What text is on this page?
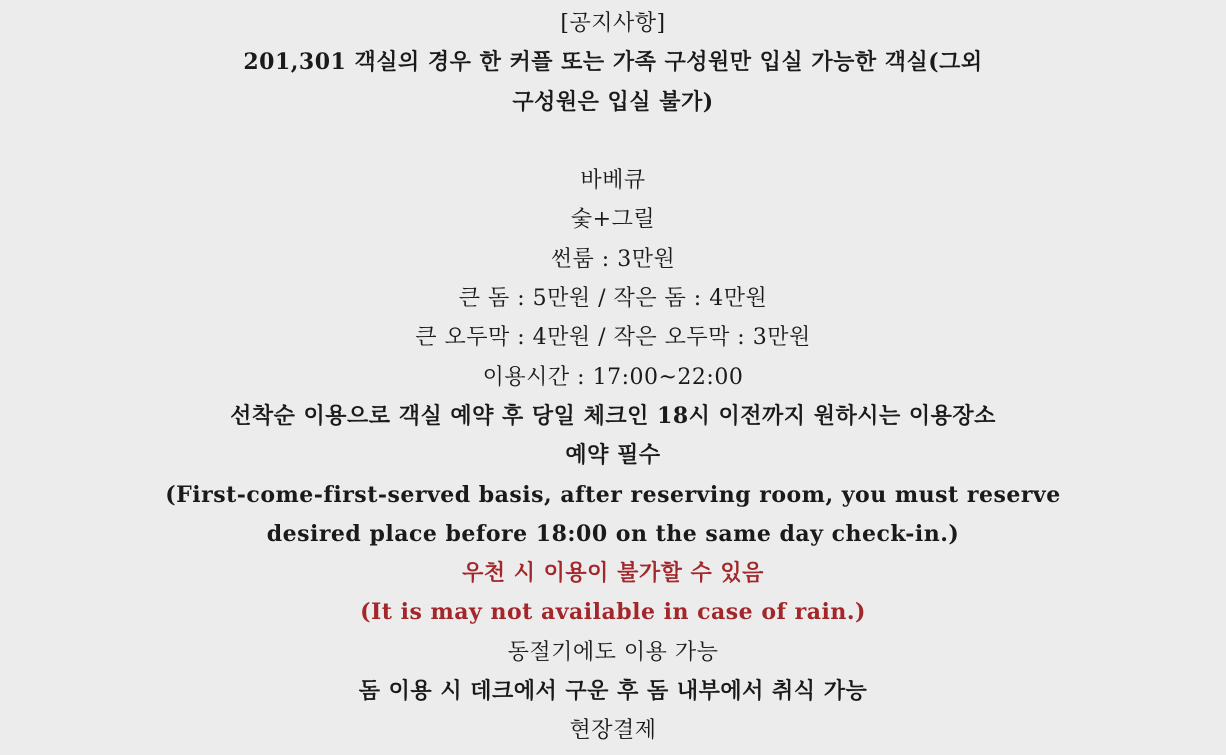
[공지사항]
201,301 객실의 경우 한 커플 또는 가족 구성원만 입실 가능한 객실(그외
구성원은 입실 불가)
바베큐
숯+그릴
썬룸 : 3만원
큰 돔 : 5만원 / 작은 돔 : 4만원
큰 오두막 : 4만원 / 작은 오두막 : 3만원
이용시간 : 17:00~22:00
선착순 이용으로 객실 예약 후 당일 체크인 18시 이전까지 원하시는 이용장소
예약 필수
(First-come-first-served basis, after reserving room, you must reserve
desired place before 18:00 on the same day check-in.)
우천 시 이용이 불가할 수 있음
(It is may not available in case of rain.)
동절기에도 이용 가능
돔 이용 시 데크에서 구운 후 돔 내부에서 취식 가능
현장결제
